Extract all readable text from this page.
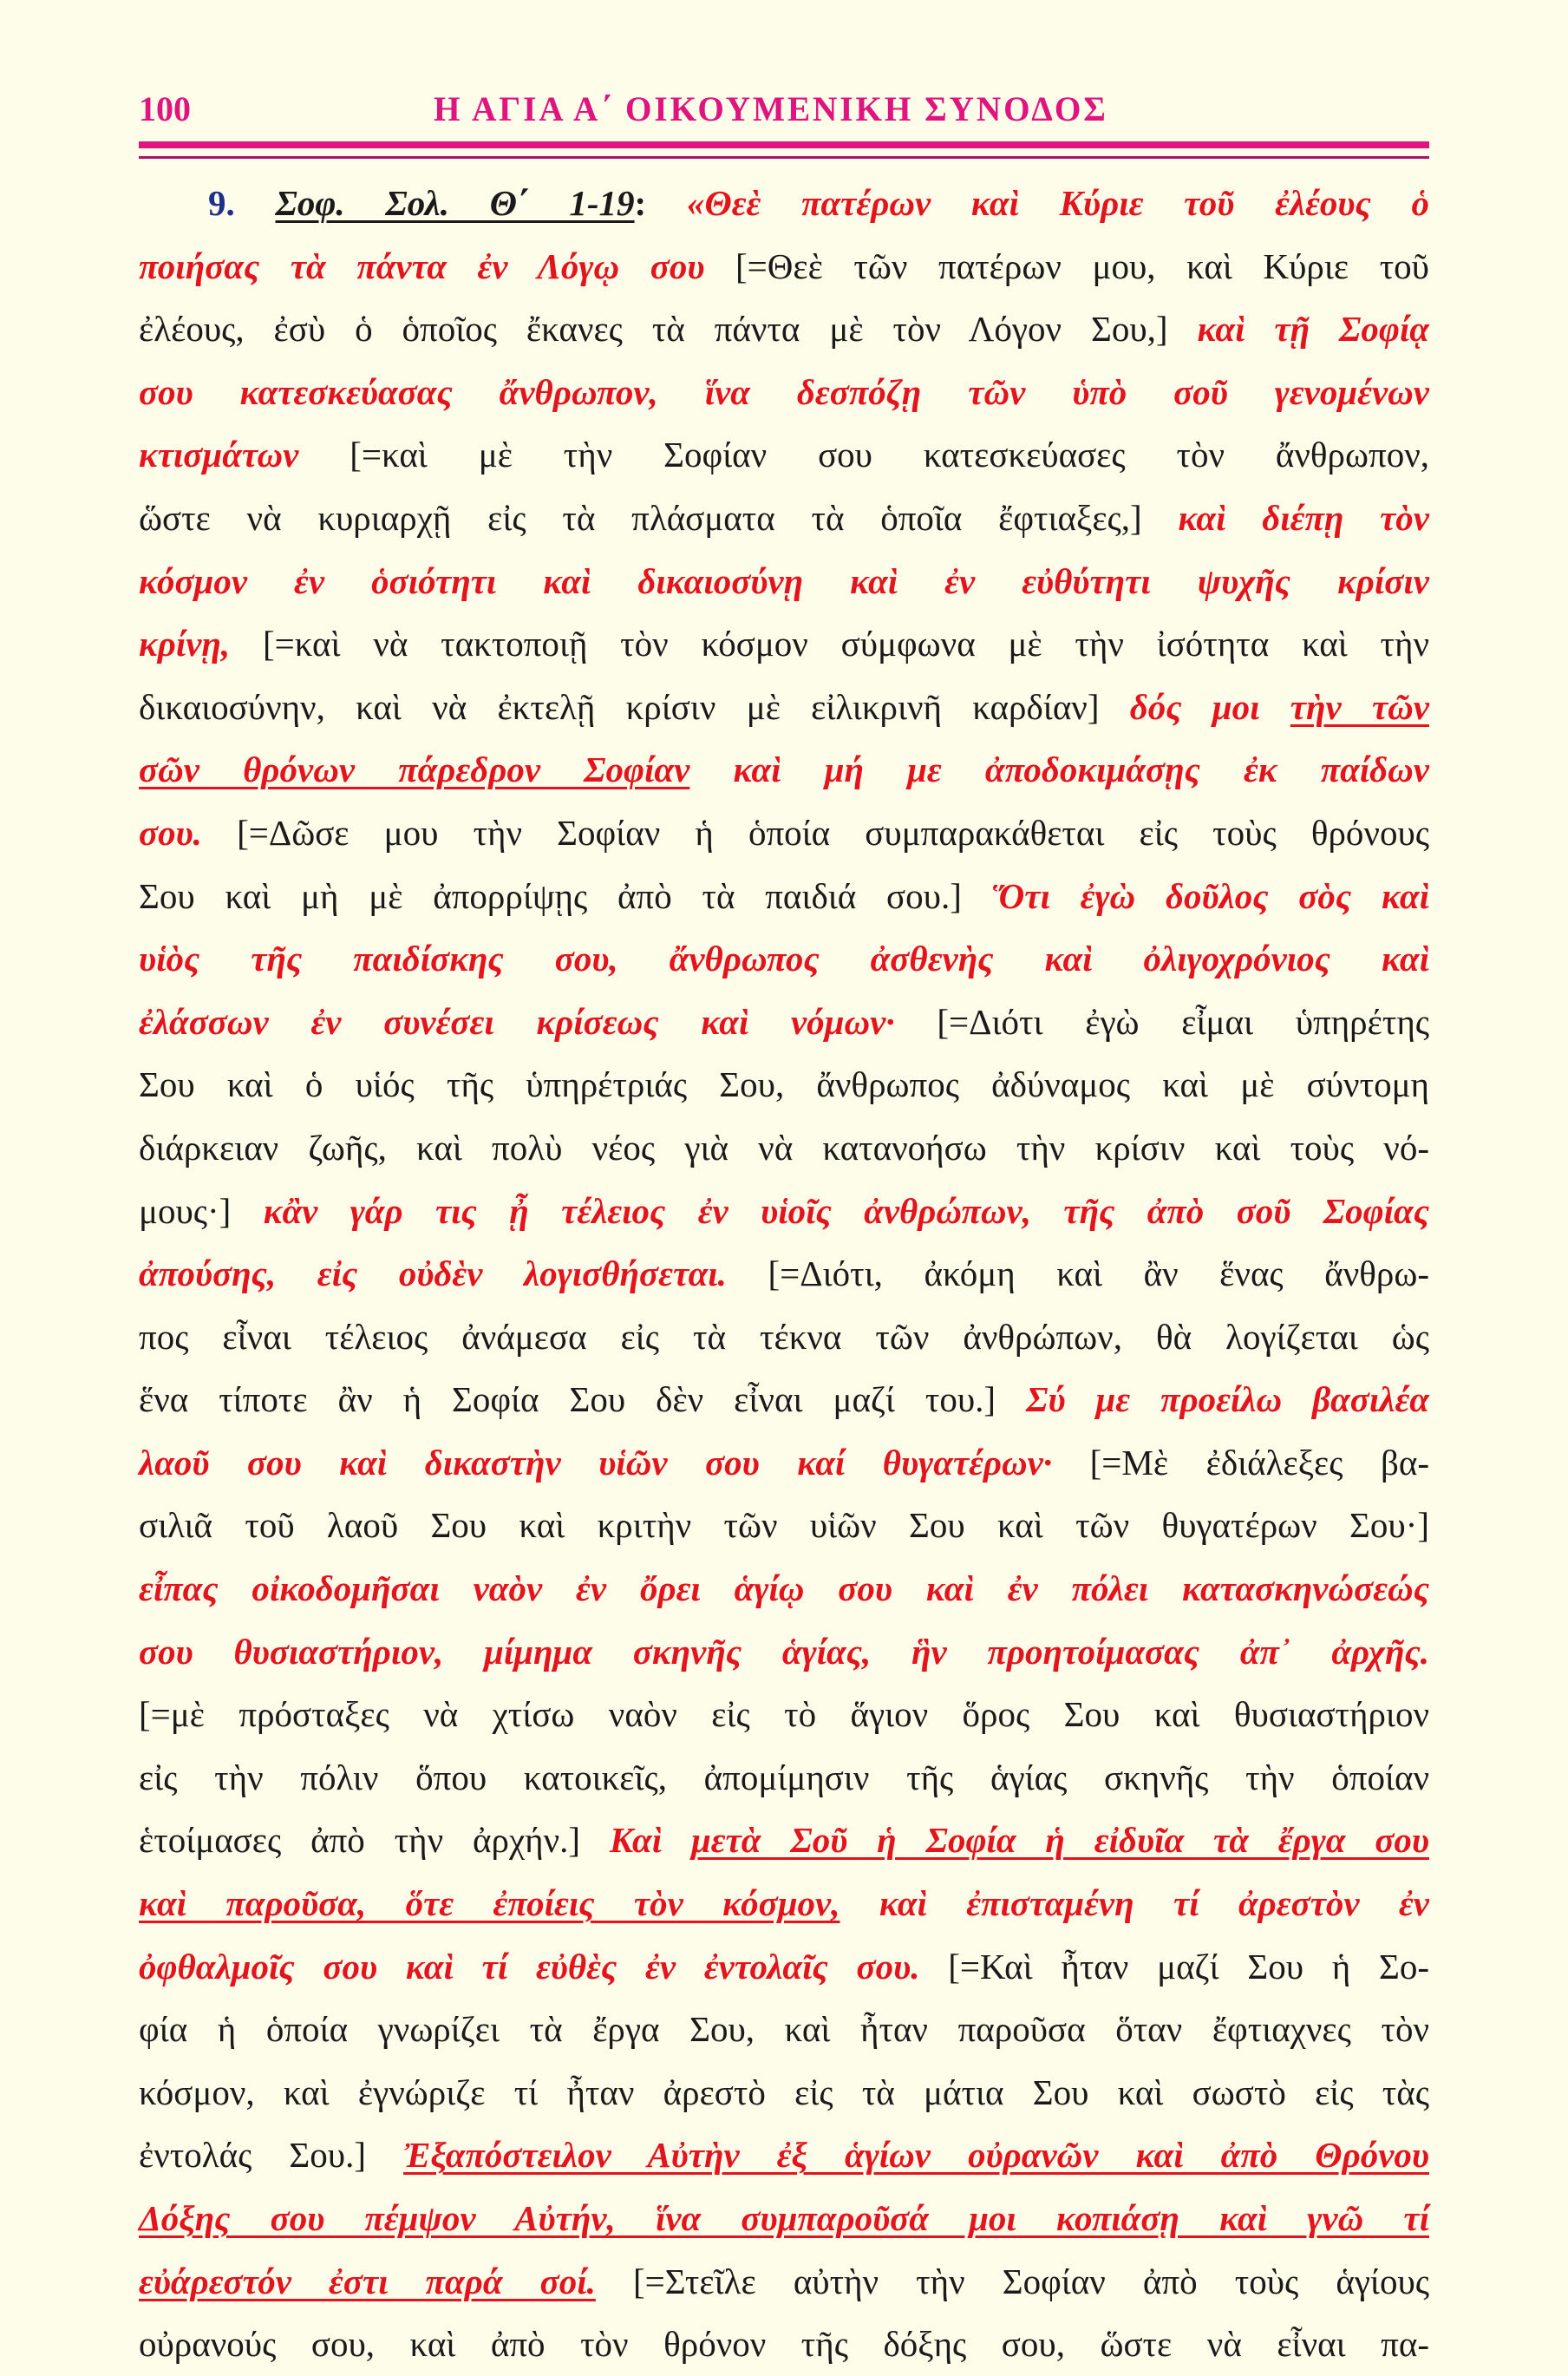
100	Η ΑΓΙΑ Α΄ ΟΙΚΟΥΜΕΝΙΚΗ ΣΥΝΟΔΟΣ
9. Σοφ. Σολ. Θ΄ 1-19: «Θεὲ πατέρων καὶ Κύριε τοῦ ἐλέους ὁ
ποιήσας τὰ πάντα ἐν Λόγῳ σου [=Θεὲ τῶν πατέρων μου, καὶ Κύριε τοῦ
ἐλέους, ἐσὺ ὁ ὁποῖος ἔκανες τὰ πάντα μὲ τὸν Λόγον Σου,] καὶ τῇ Σοφίᾳ
σου κατεσκεύασας ἄνθρωπον, ἵνα δεσπόζῃ τῶν ὑπὸ σοῦ γενομένων
κτισμάτων [=καὶ μὲ τὴν Σοφίαν σου κατεσκεύασες τὸν ἄνθρωπον,
ὥστε νὰ κυριαρχῇ εἰς τὰ πλάσματα τὰ ὁποῖα ἔφτιαξες,] καὶ διέπῃ τὸν
κόσμον ἐν ὁσιότητι καὶ δικαιοσύνῃ καὶ ἐν εὐθύτητι ψυχῆς κρίσιν
κρίνῃ, [=καὶ νὰ τακτοποιῇ τὸν κόσμον σύμφωνα μὲ τὴν ἰσότητα καὶ τὴν
δικαιοσύνην, καὶ νὰ ἐκτελῇ κρίσιν μὲ εἰλικρινῆ καρδίαν] δός μοι τὴν τῶν
σῶν θρόνων πάρεδρον Σοφίαν καὶ μή με ἀποδοκιμάσῃς ἐκ παίδων
σου. [=Δῶσε μου τὴν Σοφίαν ἡ ὁποία συμπαρακάθεται εἰς τοὺς θρόνους
Σου καὶ μὴ μὲ ἀπορρίψῃς ἀπὸ τὰ παιδιά σου.] Ὅτι ἐγὼ δοῦλος σὸς καὶ
υἱὸς τῆς παιδίσκης σου, ἄνθρωπος ἀσθενὴς καὶ ὀλιγοχρόνιος καὶ
ἐλάσσων ἐν συνέσει κρίσεως καὶ νόμων· [=Διότι ἐγὼ εἶμαι ὑπηρέτης
Σου καὶ ὁ υἱός τῆς ὑπηρέτριάς Σου, ἄνθρωπος ἀδύναμος καὶ μὲ σύντομη
διάρκειαν ζωῆς, καὶ πολὺ νέος γιὰ νὰ κατανοήσω τὴν κρίσιν καὶ τοὺς νό-
μους·] κἂν γάρ τις ᾖ τέλειος ἐν υἱοῖς ἀνθρώπων, τῆς ἀπὸ σοῦ Σοφίας
ἀπούσης, εἰς οὐδὲν λογισθήσεται. [=Διότι, ἀκόμη καὶ ἂν ἕνας ἄνθρω-
πος εἶναι τέλειος ἀνάμεσα εἰς τὰ τέκνα τῶν ἀνθρώπων, θὰ λογίζεται ὡς
ἕνα τίποτε ἂν ἡ Σοφία Σου δὲν εἶναι μαζί του.] Σύ με προείλω βασιλέα
λαοῦ σου καὶ δικαστὴν υἱῶν σου καί θυγατέρων· [=Μὲ ἐδιάλεξες βα-
σιλιᾶ τοῦ λαοῦ Σου καὶ κριτὴν τῶν υἱῶν Σου καὶ τῶν θυγατέρων Σου·]
εἶπας οἰκοδομῆσαι ναὸν ἐν ὄρει ἁγίῳ σου καὶ ἐν πόλει κατασκηνώσεώς
σου θυσιαστήριον, μίμημα σκηνῆς ἁγίας, ἣν προητοίμασας ἀπ᾽ ἀρχῆς.
[=μὲ πρόσταξες νὰ χτίσω ναὸν εἰς τὸ ἅγιον ὅρος Σου καὶ θυσιαστήριον
εἰς τὴν πόλιν ὅπου κατοικεῖς, ἀπομίμησιν τῆς ἁγίας σκηνῆς τὴν ὁποίαν
ἑτοίμασες ἀπὸ τὴν ἀρχήν.] Καὶ μετὰ Σοῦ ἡ Σοφία ἡ εἰδυῖα τὰ ἔργα σου
καὶ παροῦσα, ὅτε ἐποίεις τὸν κόσμον, καὶ ἐπισταμένη τί ἀρεστὸν ἐν
ὀφθαλμοῖς σου καὶ τί εὐθὲς ἐν ἐντολαῖς σου. [=Καὶ ἦταν μαζί Σου ἡ Σο-
φία ἡ ὁποία γνωρίζει τὰ ἔργα Σου, καὶ ἦταν παροῦσα ὅταν ἔφτιαχνες τὸν
κόσμον, καὶ ἐγνώριζε τί ἦταν ἀρεστὸ εἰς τὰ μάτια Σου καὶ σωστὸ εἰς τὰς
ἐντολάς Σου.] Ἐξαπόστειλον Αὐτὴν ἐξ ἁγίων οὐρανῶν καὶ ἀπὸ Θρόνου
Δόξης σου πέμψον Αὐτήν, ἵνα συμπαροῦσά μοι κοπιάσῃ καὶ γνῶ τί
εὐάρεστόν ἐστι παρά σοί. [=Στεῖλε αὐτὴν τὴν Σοφίαν ἀπὸ τοὺς ἁγίους
οὐρανούς σου, καὶ ἀπὸ τὸν θρόνον τῆς δόξης σου, ὥστε νὰ εἶναι πα-
